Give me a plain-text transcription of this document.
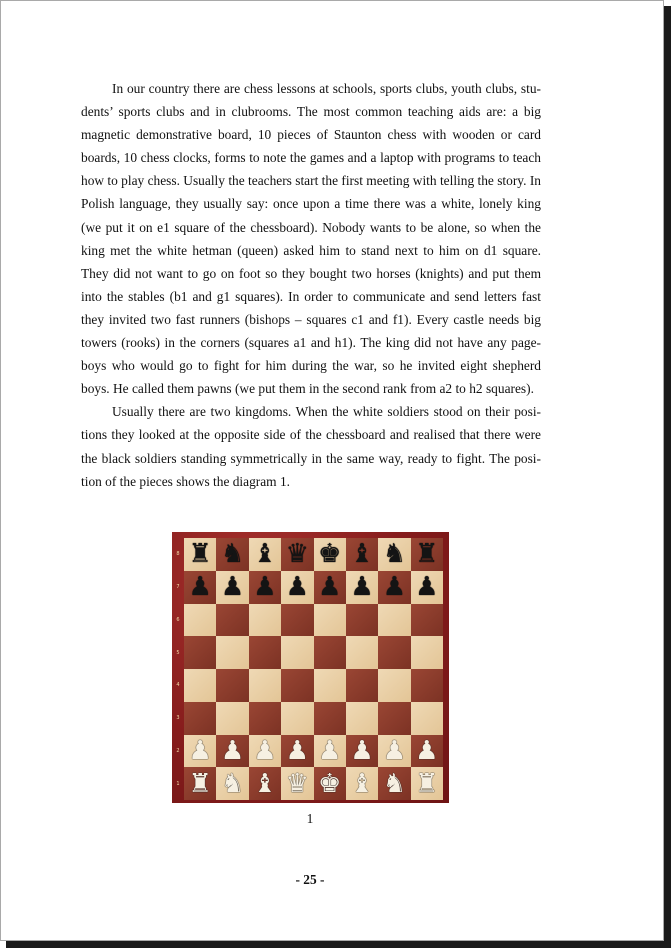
In our country there are chess lessons at schools, sports clubs, youth clubs, stu-dents’ sports clubs and in clubrooms. The most common teaching aids are: a big magnetic demonstrative board, 10 pieces of Staunton chess with wooden or card boards, 10 chess clocks, forms to note the games and a laptop with programs to teach how to play chess. Usually the teachers start the first meeting with telling the story. In Polish language, they usually say: once upon a time there was a white, lonely king (we put it on e1 square of the chessboard). Nobody wants to be alone, so when the king met the white hetman (queen) asked him to stand next to him on d1 square. They did not want to go on foot so they bought two horses (knights) and put them into the stables (b1 and g1 squares). In order to communicate and send letters fast they invited two fast runners (bishops – squares c1 and f1). Every castle needs big towers (rooks) in the corners (squares a1 and h1). The king did not have any page-boys who would go to fight for him during the war, so he invited eight shepherd boys. He called them pawns (we put them in the second rank from a2 to h2 squares).

Usually there are two kingdoms. When the white soldiers stood on their posi-tions they looked at the opposite side of the chessboard and realised that there were the black soldiers standing symmetrically in the same way, ready to fight. The posi-tion of the pieces shows the diagram 1.

8
7
6
5
4
3
2
1
♜ ♞ ♝ ♛ ♚ ♝ ♞ ♜
♟ ♟ ♟ ♟ ♟ ♟ ♟ ♟
♟ ♟ ♟ ♟ ♟ ♟ ♟ ♟
♜ ♞ ♝ ♛ ♚ ♝ ♞ ♜
1
- 25 -
